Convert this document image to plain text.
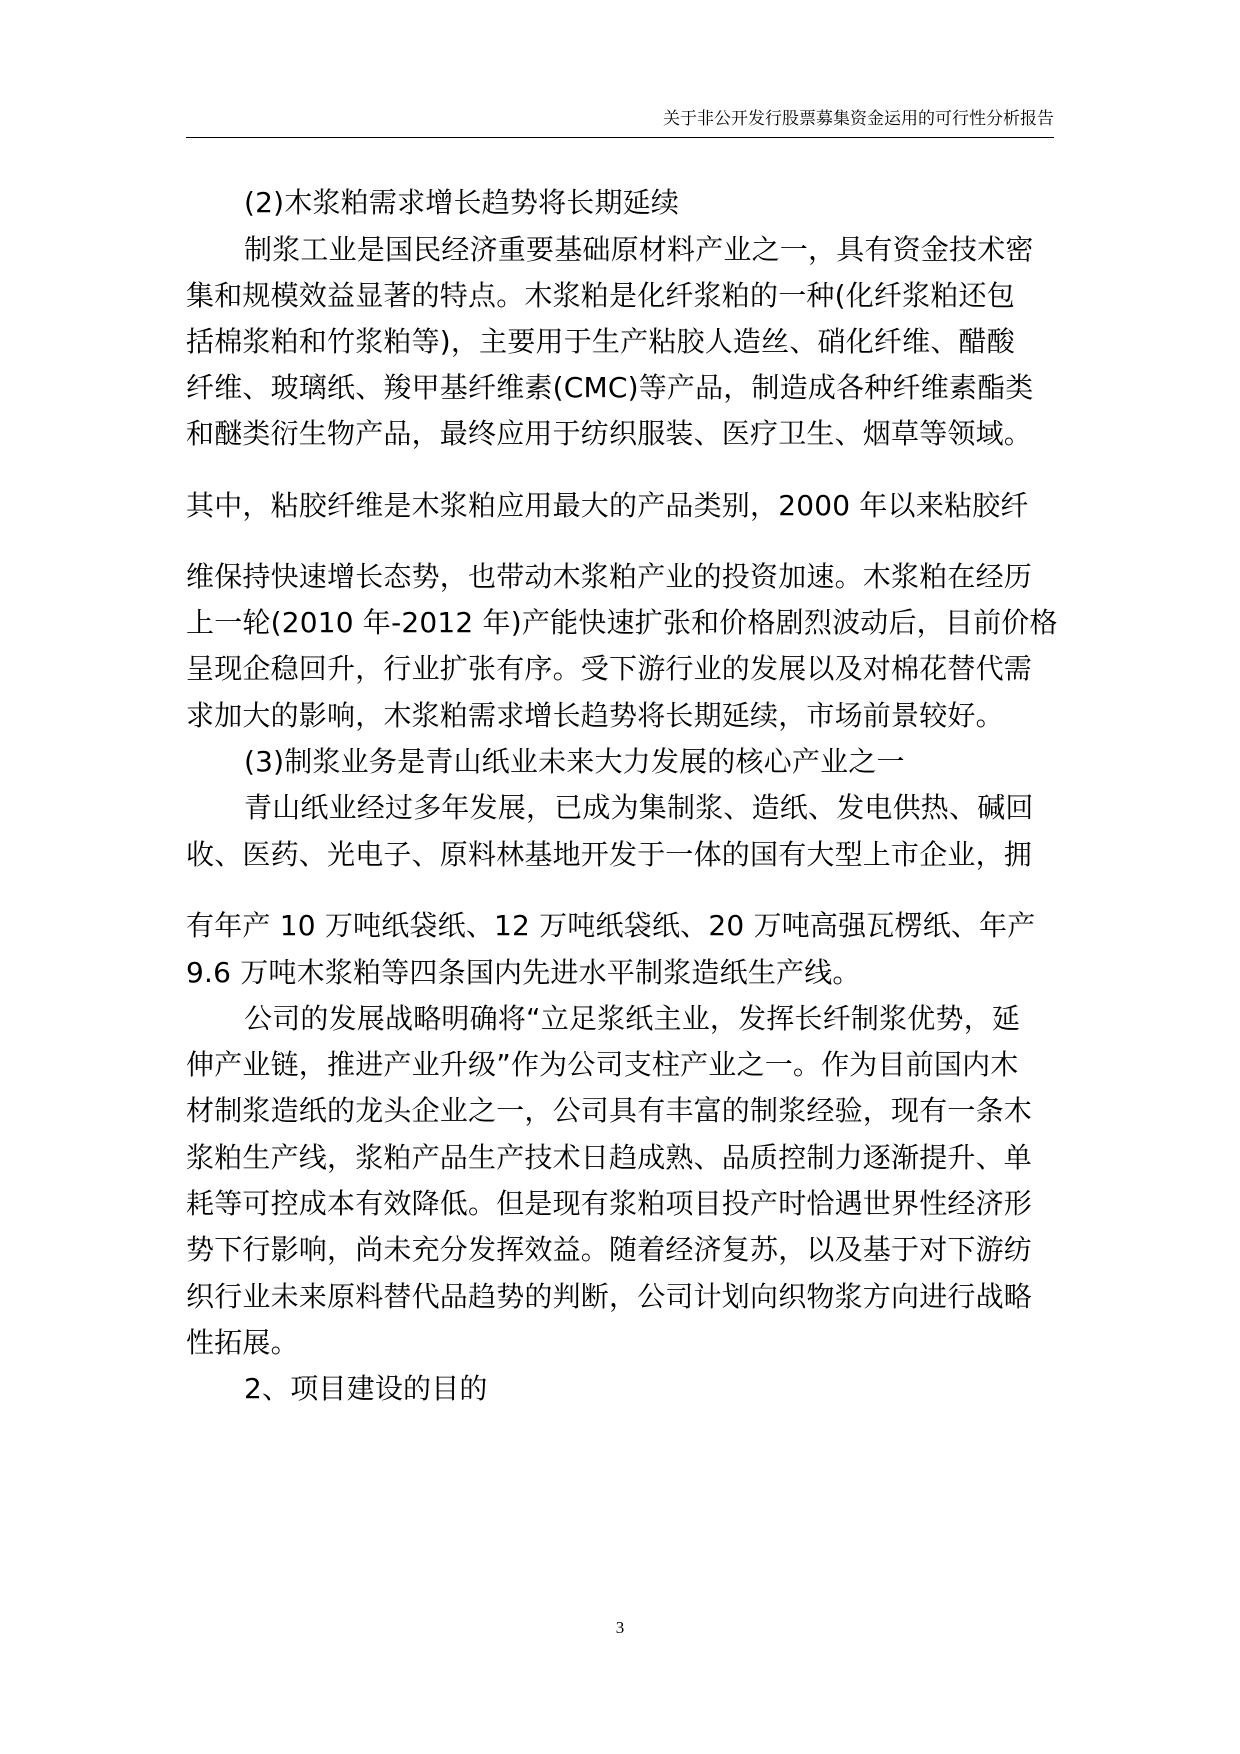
关于非公开发行股票募集资金运用的可行性分析报告
(2)木浆粕需求增长趋势将长期延续
制浆工业是国民经济重要基础原材料产业之一，具有资金技术密
集和规模效益显著的特点。木浆粕是化纤浆粕的一种(化纤浆粕还包
括棉浆粕和竹浆粕等)，主要用于生产粘胶人造丝、硝化纤维、醋酸
纤维、玻璃纸、羧甲基纤维素(CMC)等产品，制造成各种纤维素酯类
和醚类衍生物产品，最终应用于纺织服装、医疗卫生、烟草等领域。
其中，粘胶纤维是木浆粕应用最大的产品类别，2000 年以来粘胶纤
维保持快速增长态势，也带动木浆粕产业的投资加速。木浆粕在经历
上一轮(2010 年-2012 年)产能快速扩张和价格剧烈波动后，目前价格
呈现企稳回升，行业扩张有序。受下游行业的发展以及对棉花替代需
求加大的影响，木浆粕需求增长趋势将长期延续，市场前景较好。
(3)制浆业务是青山纸业未来大力发展的核心产业之一
青山纸业经过多年发展，已成为集制浆、造纸、发电供热、碱回
收、医药、光电子、原料林基地开发于一体的国有大型上市企业，拥
有年产 10 万吨纸袋纸、12 万吨纸袋纸、20 万吨高强瓦楞纸、年产
9.6 万吨木浆粕等四条国内先进水平制浆造纸生产线。
公司的发展战略明确将“立足浆纸主业，发挥长纤制浆优势，延
伸产业链，推进产业升级”作为公司支柱产业之一。作为目前国内木
材制浆造纸的龙头企业之一，公司具有丰富的制浆经验，现有一条木
浆粕生产线，浆粕产品生产技术日趋成熟、品质控制力逐渐提升、单
耗等可控成本有效降低。但是现有浆粕项目投产时恰遇世界性经济形
势下行影响，尚未充分发挥效益。随着经济复苏，以及基于对下游纺
织行业未来原料替代品趋势的判断，公司计划向织物浆方向进行战略
性拓展。
2、项目建设的目的
3
